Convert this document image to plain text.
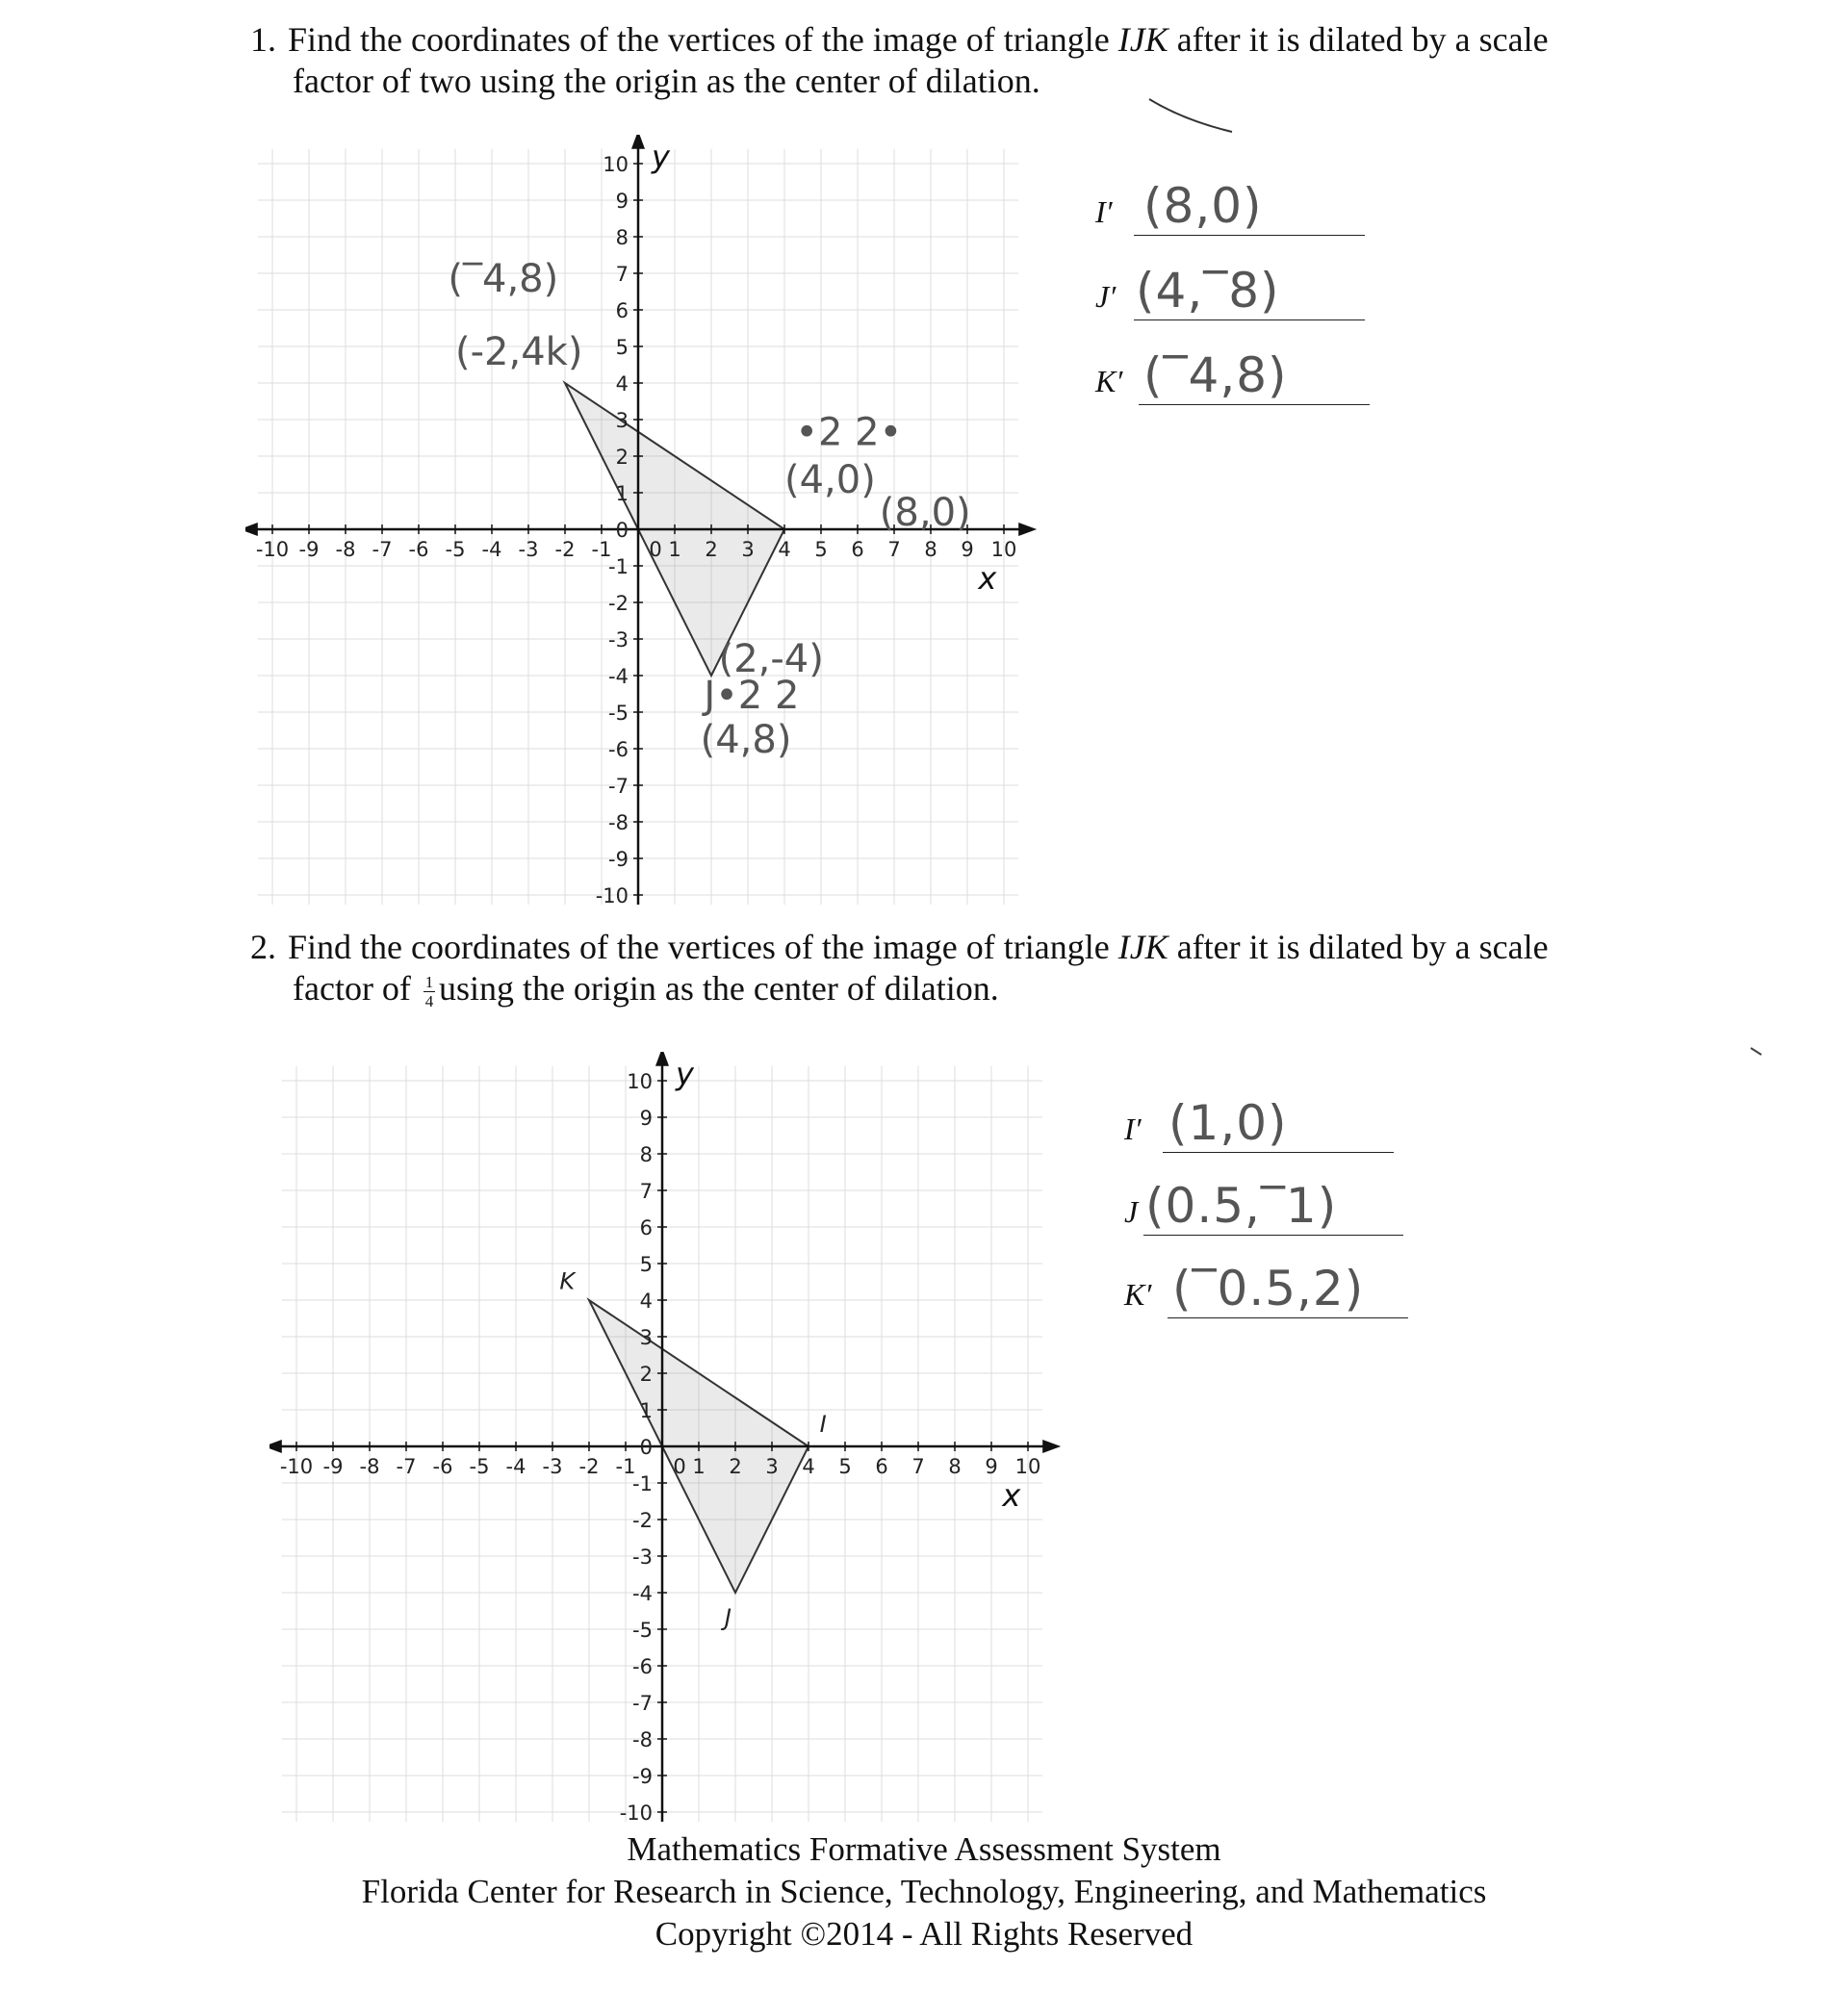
1. Find the coordinates of the vertices of the image of triangle IJK after it is dilated by a scale
factor of two using the origin as the center of dilation.
-10 -9 -8 -7 -6 -5 -4 -3 -2 -1	1 2 3 4 5 6 7 8 9 10
0
-10
-9
-8
-7
-6
-5
-4
-3
-2
-1
0
1
2
3
4
5
6
7
8
9
10 y
x
(‾4,8)
(-2,4k)
•2 2•
(4,0)
(8,0)
(2,-4)
J•2 2
(4,8)
I′ (8,0)
J′ (4,‾8)
K′ (‾4,8)
2. Find the coordinates of the vertices of the image of triangle IJK after it is dilated by a scale
factor of $\frac{1}{4}$ using the origin as the center of dilation.
-10 -9 -8 -7 -6 -5 -4 -3 -2 -1	1 2 3 4 5 6 7 8 9 10
0
-10
-9
-8
-7
-6
-5
-4
-3
-2
-1
0
1
2
3
4
5
6
7
8
9
10 y
x
K
I
J
I′ (1,0)
J (0.5,‾1)
K′ (‾0.5,2)
Mathematics Formative Assessment System
Florida Center for Research in Science, Technology, Engineering, and Mathematics
Copyright ©2014 - All Rights Reserved
